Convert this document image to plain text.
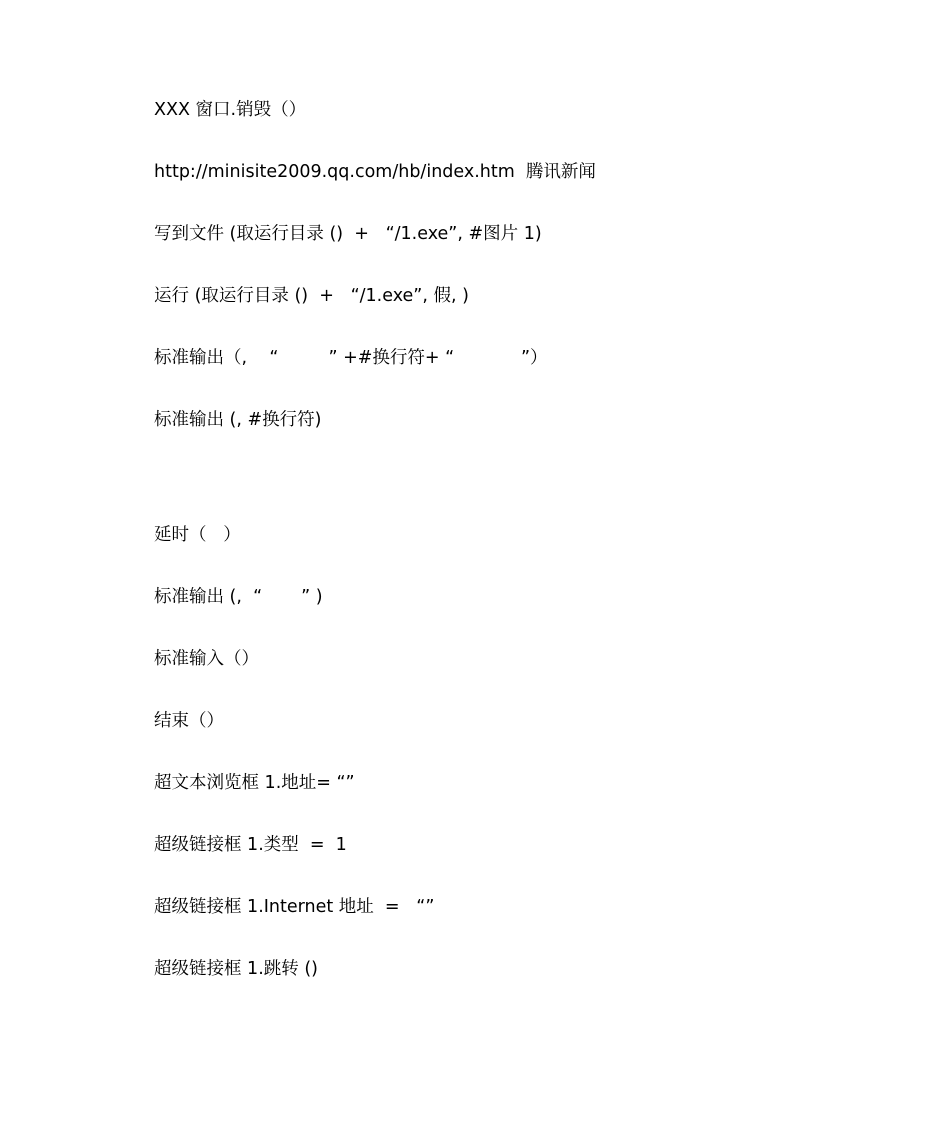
XXX 窗口.销毁（）
http://minisite2009.qq.com/hb/index.htm  腾讯新闻
写到文件 (取运行目录 ()  +   “/1.exe”, #图片 1)
运行 (取运行目录 ()  +   “/1.exe”, 假, )
标准输出（,    “         ” +#换行符+ “            ”）
标准输出 (, #换行符)
延时（   ）
标准输出 (,  “       ” )
标准输入（）
结束（）
超文本浏览框 1.地址= “”
超级链接框 1.类型  =  1
超级链接框 1.Internet 地址  =   “”
超级链接框 1.跳转 ()
